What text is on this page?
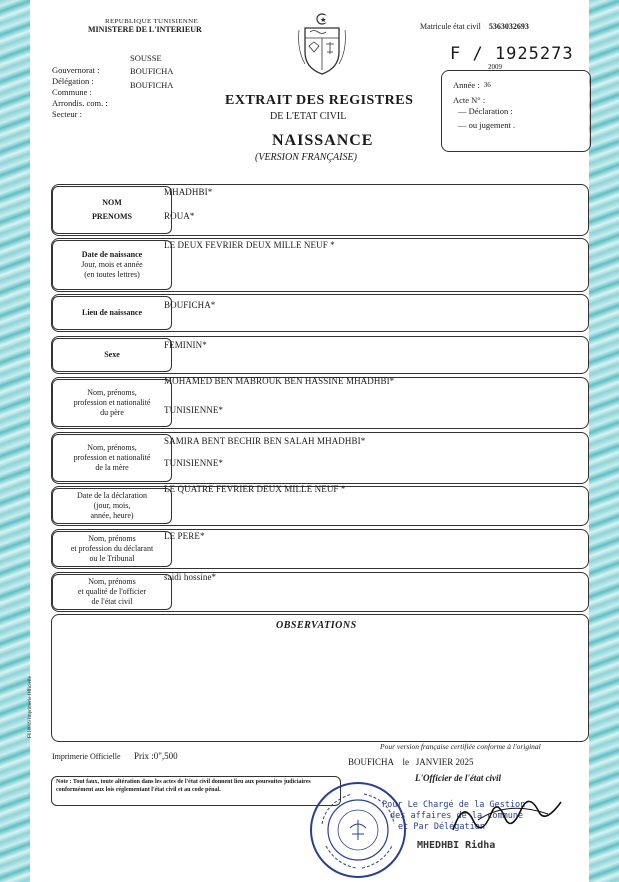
REPUBLIQUE TUNISIENNE
MINISTERE DE L'INTERIEUR	Matricule état civil 5363032693
F / 1925273
2009
Année : $^{36}$
Acte N° :
— Déclaration :
— ou jugement .
Gouvernorat :
Délégation :
Commune :
Arrondis. com. :
Secteur :
SOUSSE
BOUFICHA
BOUFICHA
EXTRAIT DES REGISTRES
DE L'ETAT CIVIL
NAISSANCE
(VERSION FRANÇAISE)
NOM
PRENOMS
MHADHBI*
ROUA*
Date de naissance
Jour, mois et année
(en toutes lettres)
LE DEUX FEVRIER DEUX MILLE NEUF *
Lieu de naissance
BOUFICHA*
Sexe
FEMININ*
Nom, prénoms,
profession et nationalité
du père
MOHAMED BEN MABROUK BEN HASSINE MHADHBI*
TUNISIENNE*
Nom, prénoms,
profession et nationalité
de la mère
SAMIRA BENT BECHIR BEN SALAH MHADHBI*
TUNISIENNE*
Date de la déclaration
(jour, mois,
année, heure)
LE QUATRE FEVRIER DEUX MILLE NEUF *
Nom, prénoms
et profession du déclarant
ou le Tribunal
LE PERE*
Nom, prénoms
et qualité de l'officier
de l'état civil
saidi hossine*
OBSERVATIONS
F010019 Imprimerie Officielle
Imprimerie Officielle Prix :0",500
Pour version française certifiée conforme à l'original
BOUFICHA    le   JANVIER 2025
L'Officier de l'état civil
Note : Tout faux, toute altération dans les actes de l'état civil donnent lieu aux poursuites judiciaires conformément aux lois réglementant l'état civil et au code pénal.
Pour Le Chargé de la Gestion
des affaires de la commune
et Par Délégation
MHEDHBI Ridha
